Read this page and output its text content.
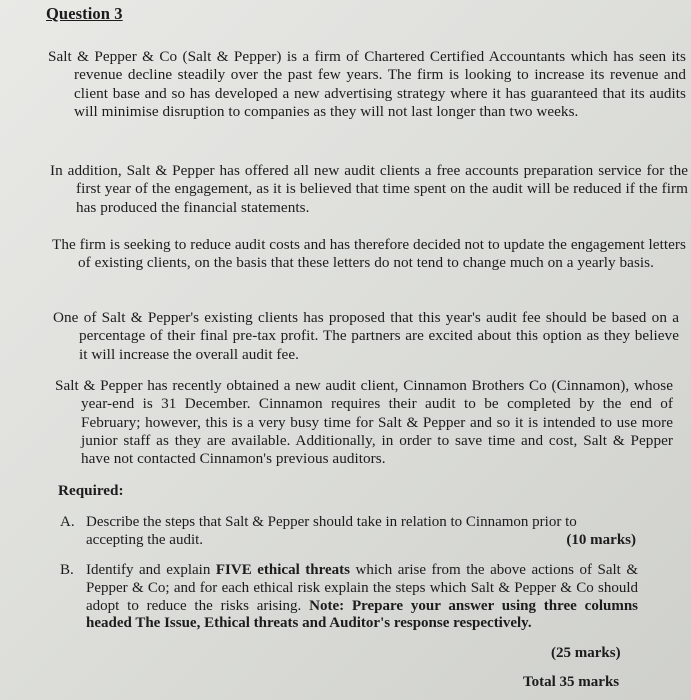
Question 3
Salt & Pepper & Co (Salt & Pepper) is a firm of Chartered Certified Accountants which has seen its revenue decline steadily over the past few years. The firm is looking to increase its revenue and client base and so has developed a new advertising strategy where it has guaranteed that its audits will minimise disruption to companies as they will not last longer than two weeks.
In addition, Salt & Pepper has offered all new audit clients a free accounts preparation service for the first year of the engagement, as it is believed that time spent on the audit will be reduced if the firm has produced the financial statements.
The firm is seeking to reduce audit costs and has therefore decided not to update the engagement letters of existing clients, on the basis that these letters do not tend to change much on a yearly basis.
One of Salt & Pepper's existing clients has proposed that this year's audit fee should be based on a percentage of their final pre-tax profit. The partners are excited about this option as they believe it will increase the overall audit fee.
Salt & Pepper has recently obtained a new audit client, Cinnamon Brothers Co (Cinnamon), whose year-end is 31 December. Cinnamon requires their audit to be completed by the end of February; however, this is a very busy time for Salt & Pepper and so it is intended to use more junior staff as they are available. Additionally, in order to save time and cost, Salt & Pepper have not contacted Cinnamon's previous auditors.
Required:
A. Describe the steps that Salt & Pepper should take in relation to Cinnamon prior to accepting the audit.	(10 marks)
B. Identify and explain FIVE ethical threats which arise from the above actions of Salt & Pepper & Co; and for each ethical risk explain the steps which Salt & Pepper & Co should adopt to reduce the risks arising. Note: Prepare your answer using three columns headed The Issue, Ethical threats and Auditor's response respectively.
(25 marks)
Total 35 marks
